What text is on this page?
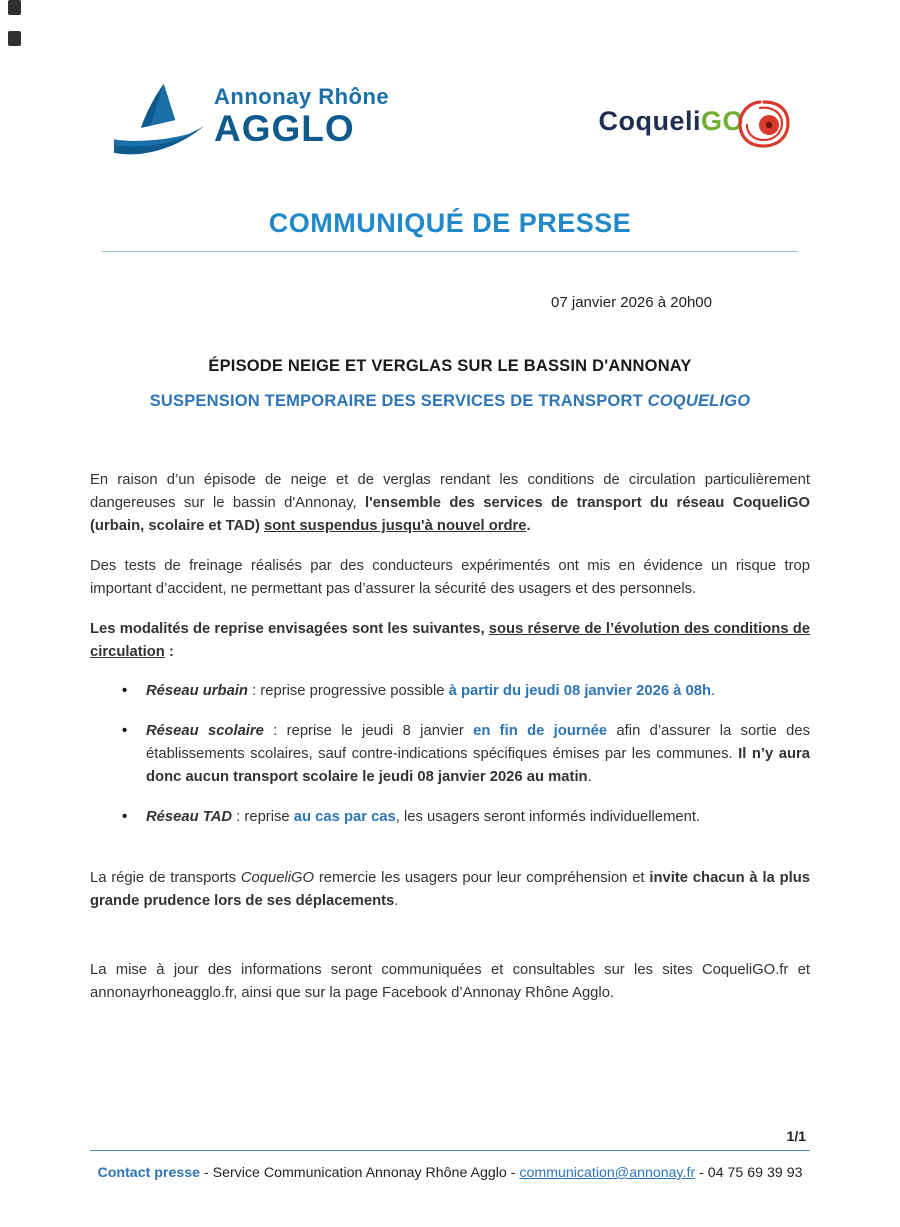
Annonay Rhône
AGGLO	Coqueli GO
COMMUNIQUÉ DE PRESSE
07 janvier 2026 à 20h00
ÉPISODE NEIGE ET VERGLAS SUR LE BASSIN D'ANNONAY
SUSPENSION TEMPORAIRE DES SERVICES DE TRANSPORT COQUELIGO

En raison d’un épisode de neige et de verglas rendant les conditions de circulation particulièrement dangereuses sur le bassin d'Annonay, l'ensemble des services de transport du réseau CoqueliGO (urbain, scolaire et TAD) sont suspendus jusqu'à nouvel ordre.

Des tests de freinage réalisés par des conducteurs expérimentés ont mis en évidence un risque trop important d’accident, ne permettant pas d’assurer la sécurité des usagers et des personnels.

Les modalités de reprise envisagées sont les suivantes, sous réserve de l’évolution des conditions de circulation :

• Réseau urbain : reprise progressive possible à partir du jeudi 08 janvier 2026 à 08h.
• Réseau scolaire : reprise le jeudi 8 janvier en fin de journée afin d’assurer la sortie des établissements scolaires, sauf contre-indications spécifiques émises par les communes. Il n’y aura donc aucun transport scolaire le jeudi 08 janvier 2026 au matin.
• Réseau TAD : reprise au cas par cas, les usagers seront informés individuellement.

La régie de transports CoqueliGO remercie les usagers pour leur compréhension et invite chacun à la plus grande prudence lors de ses déplacements.

La mise à jour des informations seront communiquées et consultables sur les sites CoqueliGO.fr et annonayrhoneagglo.fr, ainsi que sur la page Facebook d’Annonay Rhône Agglo.

1/1
Contact presse - Service Communication Annonay Rhône Agglo - communication@annonay.fr - 04 75 69 39 93
